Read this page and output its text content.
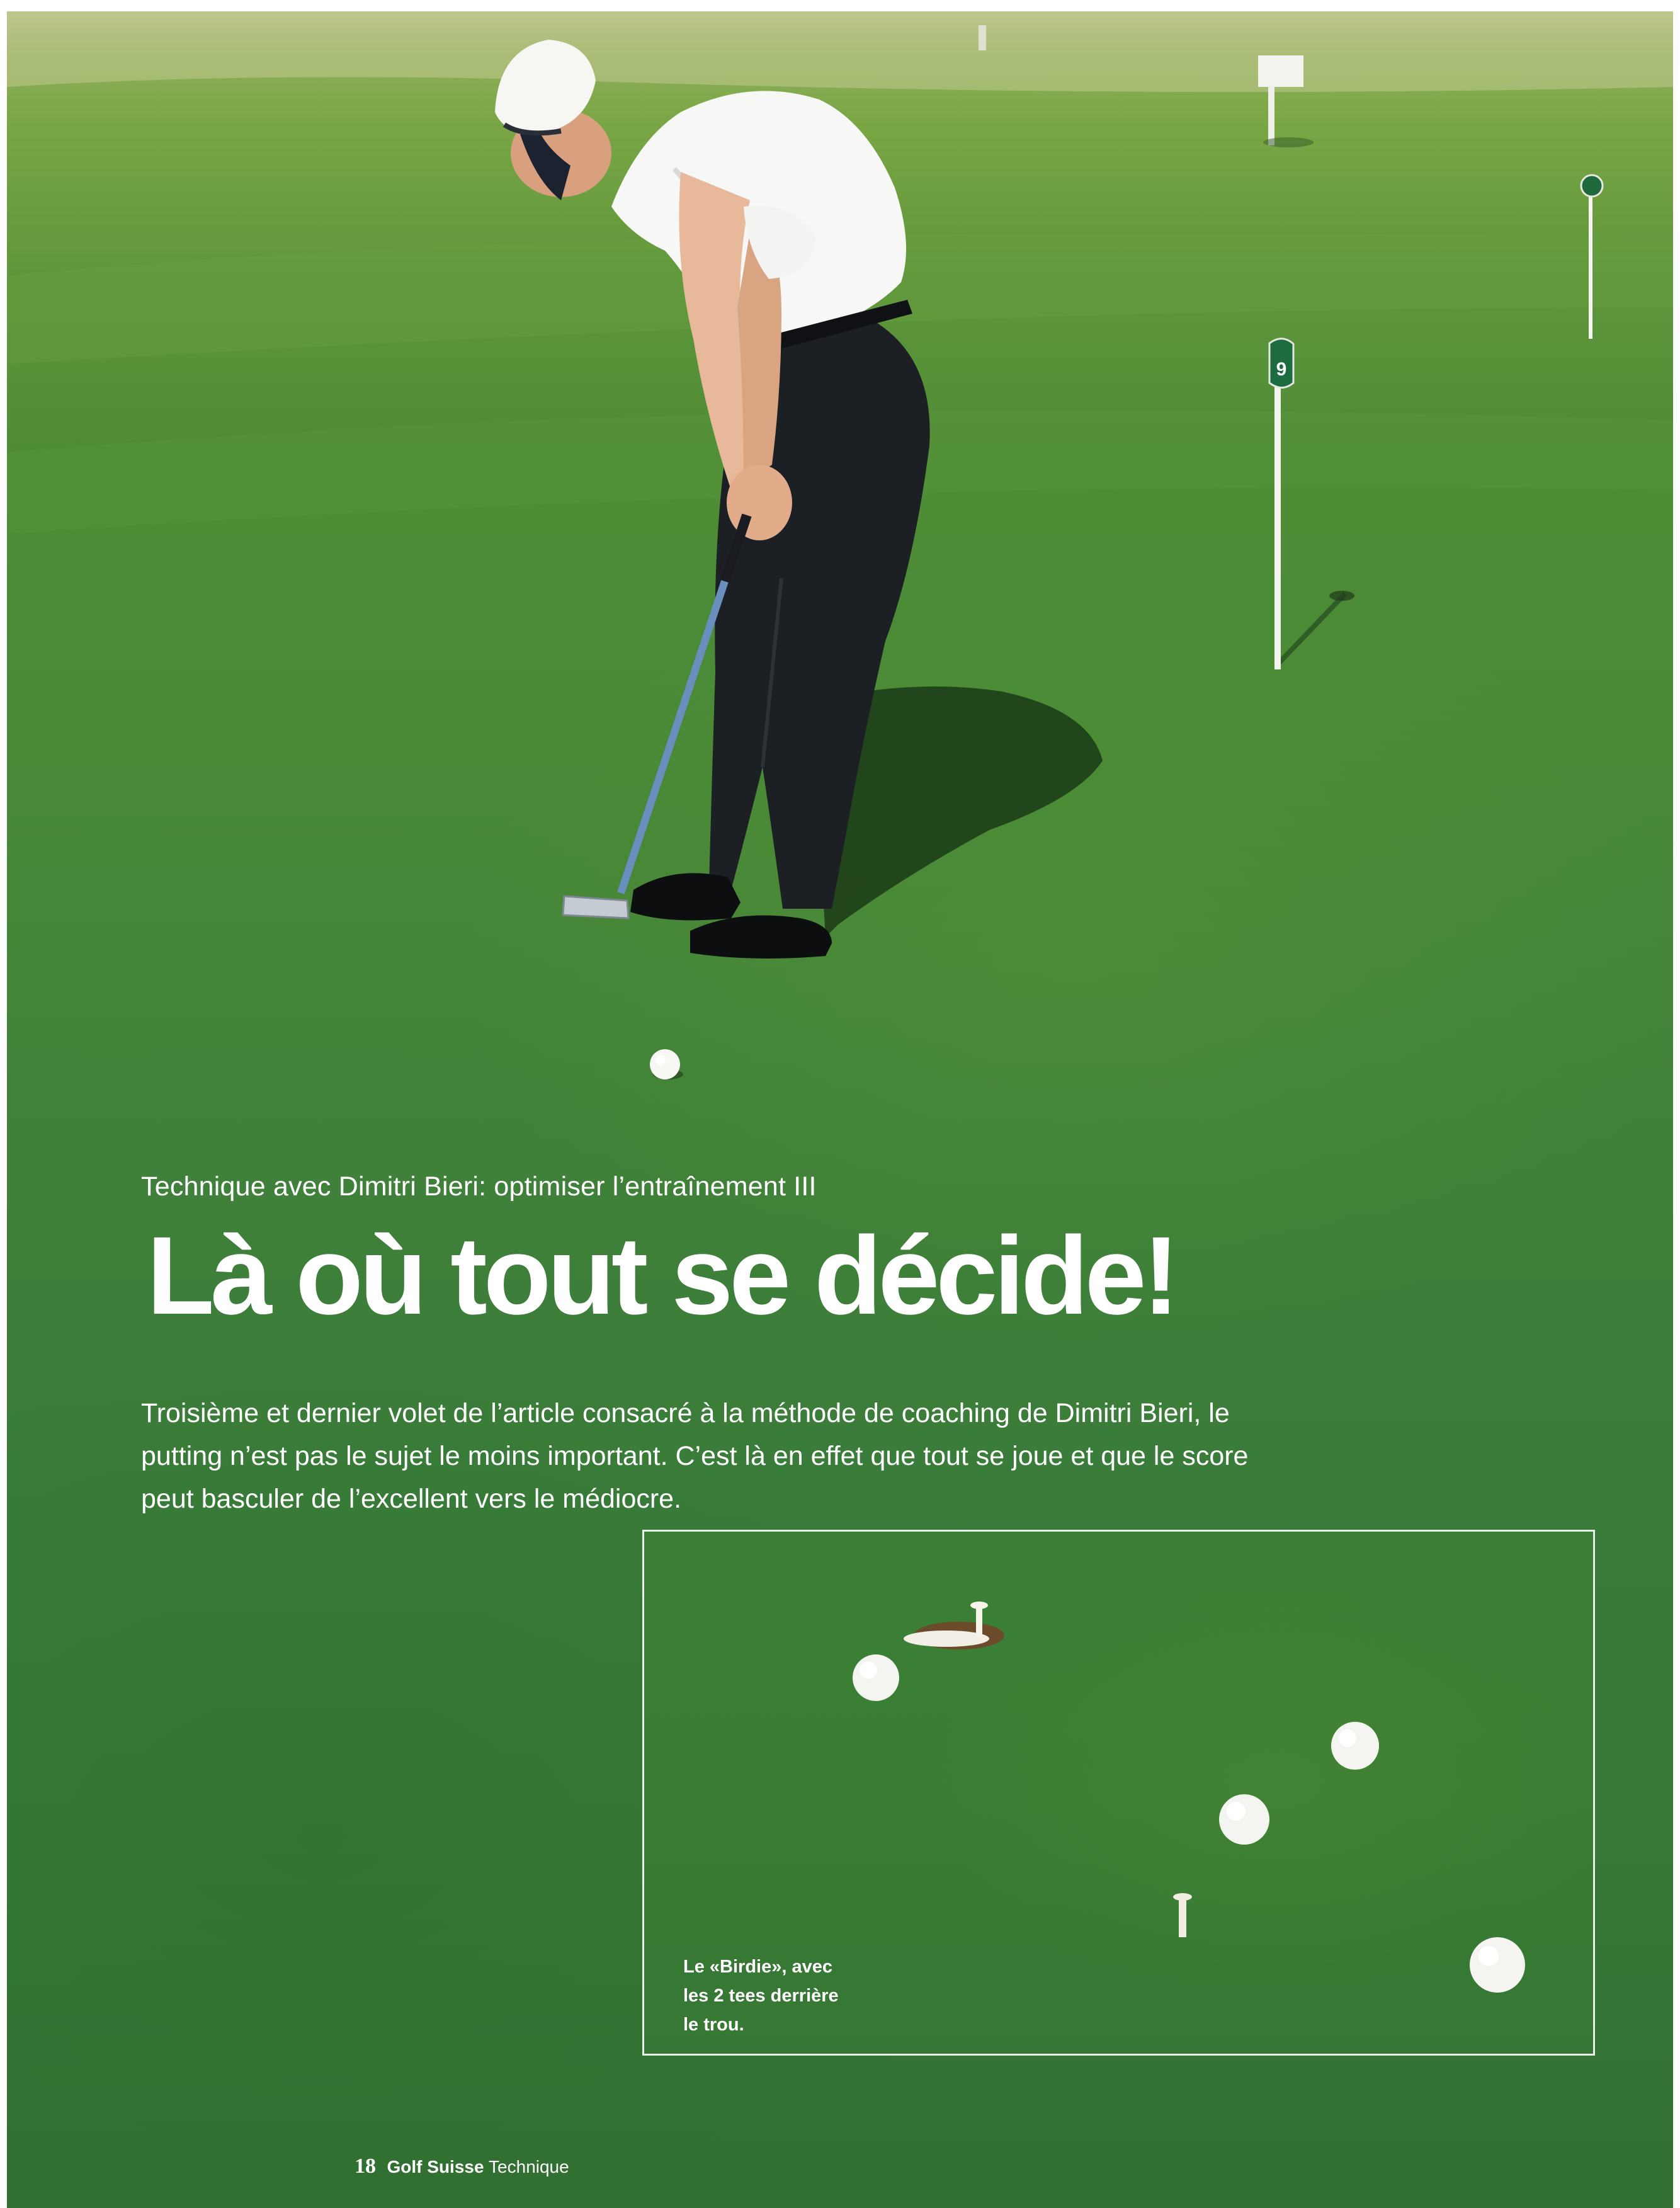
9

Technique avec Dimitri Bieri: optimiser l’entraînement III

Là où tout se décide!

Troisième et dernier volet de l’article consacré à la méthode de coaching de Dimitri Bieri, le putting n’est pas le sujet le moins important. C’est là en effet que tout se joue et que le score peut basculer de l’excellent vers le médiocre.

Le «Birdie», avec
les 2 tees derrière
le trou.

18 Golf Suisse Technique
